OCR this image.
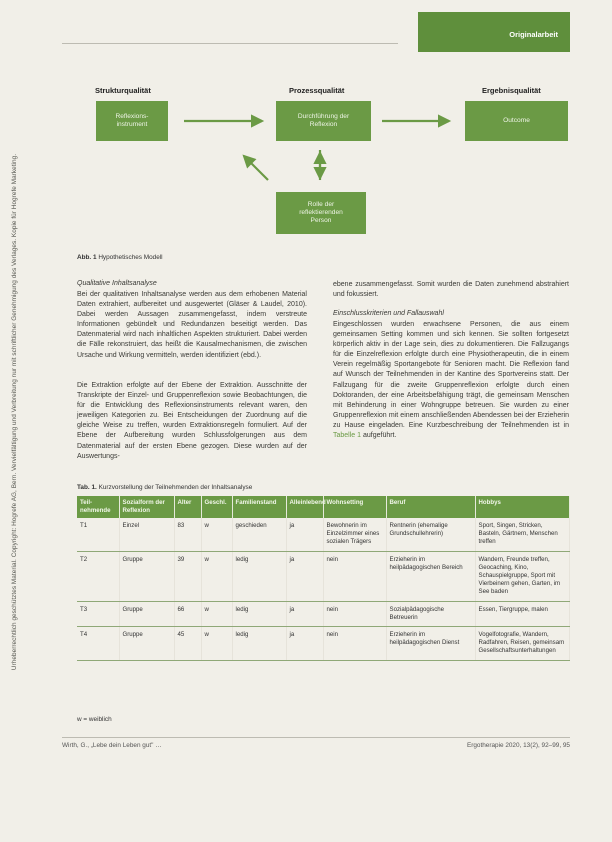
Urheberrechtlich geschütztes Material. Copyright: Hogrefe AG, Bern. Vervielfältigung und Verbreitung nur mit schriftlicher Genehmigung des Verlages. Kopie für Hogrefe Marketing.
Originalarbeit
Strukturqualität	Prozessqualität	Ergebnisqualität
Reflexions-
instrument
Durchführung der
Reflexion
Outcome
Rolle der
reflektierenden
Person
Abb. 1 Hypothetisches Modell
Qualitative Inhaltsanalyse
Bei der qualitativen Inhaltsanalyse werden aus dem erhobenen Material Daten extrahiert, aufbereitet und ausgewertet (Gläser & Laudel, 2010). Dabei werden Aussagen zusammengefasst, indem verstreute Informationen gebündelt und Redundanzen beseitigt werden. Das Datenmaterial wird nach inhaltlichen Aspekten strukturiert. Dabei werden die Fälle rekonstruiert, das heißt die Kausalmechanismen, die zwischen Ursache und Wirkung vermitteln, werden identifiziert (ebd.).
Die Extraktion erfolgte auf der Ebene der Extraktion. Ausschnitte der Transkripte der Einzel- und Gruppenreflexion sowie Beobachtungen, die für die Entwicklung des Reflexionsinstruments relevant waren, den jeweiligen Kategorien zu. Bei Entscheidungen der Zuordnung auf die gleiche Weise zu treffen, wurden Extraktionsregeln formuliert. Auf der Ebene der Aufbereitung wurden Schlussfolgerungen aus dem Datenmaterial auf der ersten Ebene gezogen. Diese wurden auf der Auswertungs-
ebene zusammengefasst. Somit wurden die Daten zunehmend abstrahiert und fokussiert.
Einschlusskriterien und Fallauswahl
Eingeschlossen wurden erwachsene Personen, die aus einem gemeinsamen Setting kommen und sich kennen. Sie sollten fortgesetzt körperlich aktiv in der Lage sein, dies zu dokumentieren. Die Fallzugangs für die Einzelreflexion erfolgte durch eine Physiotherapeutin, die in einem Verein regelmäßig Sportangebote für Senioren macht. Die Reflexion fand auf Wunsch der Teilnehmenden in der Kantine des Sportvereins statt. Der Fallzugang für die zweite Gruppenreflexion erfolgte durch einen Doktoranden, der eine Arbeitsbefähigung trägt, die gemeinsam Menschen mit Behinderung in einer Wohngruppe betreuen. Sie wurden zu einer Gruppenreflexion mit einem anschließenden Abendessen bei der Erzieherin zu Hause eingeladen. Eine Kurzbeschreibung der Teilnehmenden ist in Tabelle 1 aufgeführt.
Tab. 1. Kurzvorstellung der Teilnehmenden der Inhaltsanalyse
Teil-nehmende	Sozialform der Reflexion	Alter	Geschl.	Familienstand	Alleinlebend	Wohnsetting	Beruf	Hobbys
T1	Einzel	83	w	geschieden	ja	Bewohnerin im Einzelzimmer eines sozialen Trägers	Rentnerin (ehemalige Grundschullehrerin)	Sport, Singen, Stricken, Basteln, Gärtnern, Menschen treffen
T2	Gruppe	39	w	ledig	ja	nein	Erzieherin im heilpädagogischen Bereich	Wandern, Freunde treffen, Geocaching, Kino, Schauspielgruppe, Sport mit Vierbeinern gehen, Garten, im See baden
T3	Gruppe	66	w	ledig	ja	nein	Sozialpädagogische Betreuerin	Essen, Tiergruppe, malen
T4	Gruppe	45	w	ledig	ja	nein	Erzieherin im heilpädagogischen Dienst	Vogelfotografie, Wandern, Radfahren, Reisen, gemeinsam Gesellschaftsunterhaltungen
w = weiblich
Wirth, G., „Lebe dein Leben gut" …	Ergotherapie 2020, 13(2), 92–99, 95
